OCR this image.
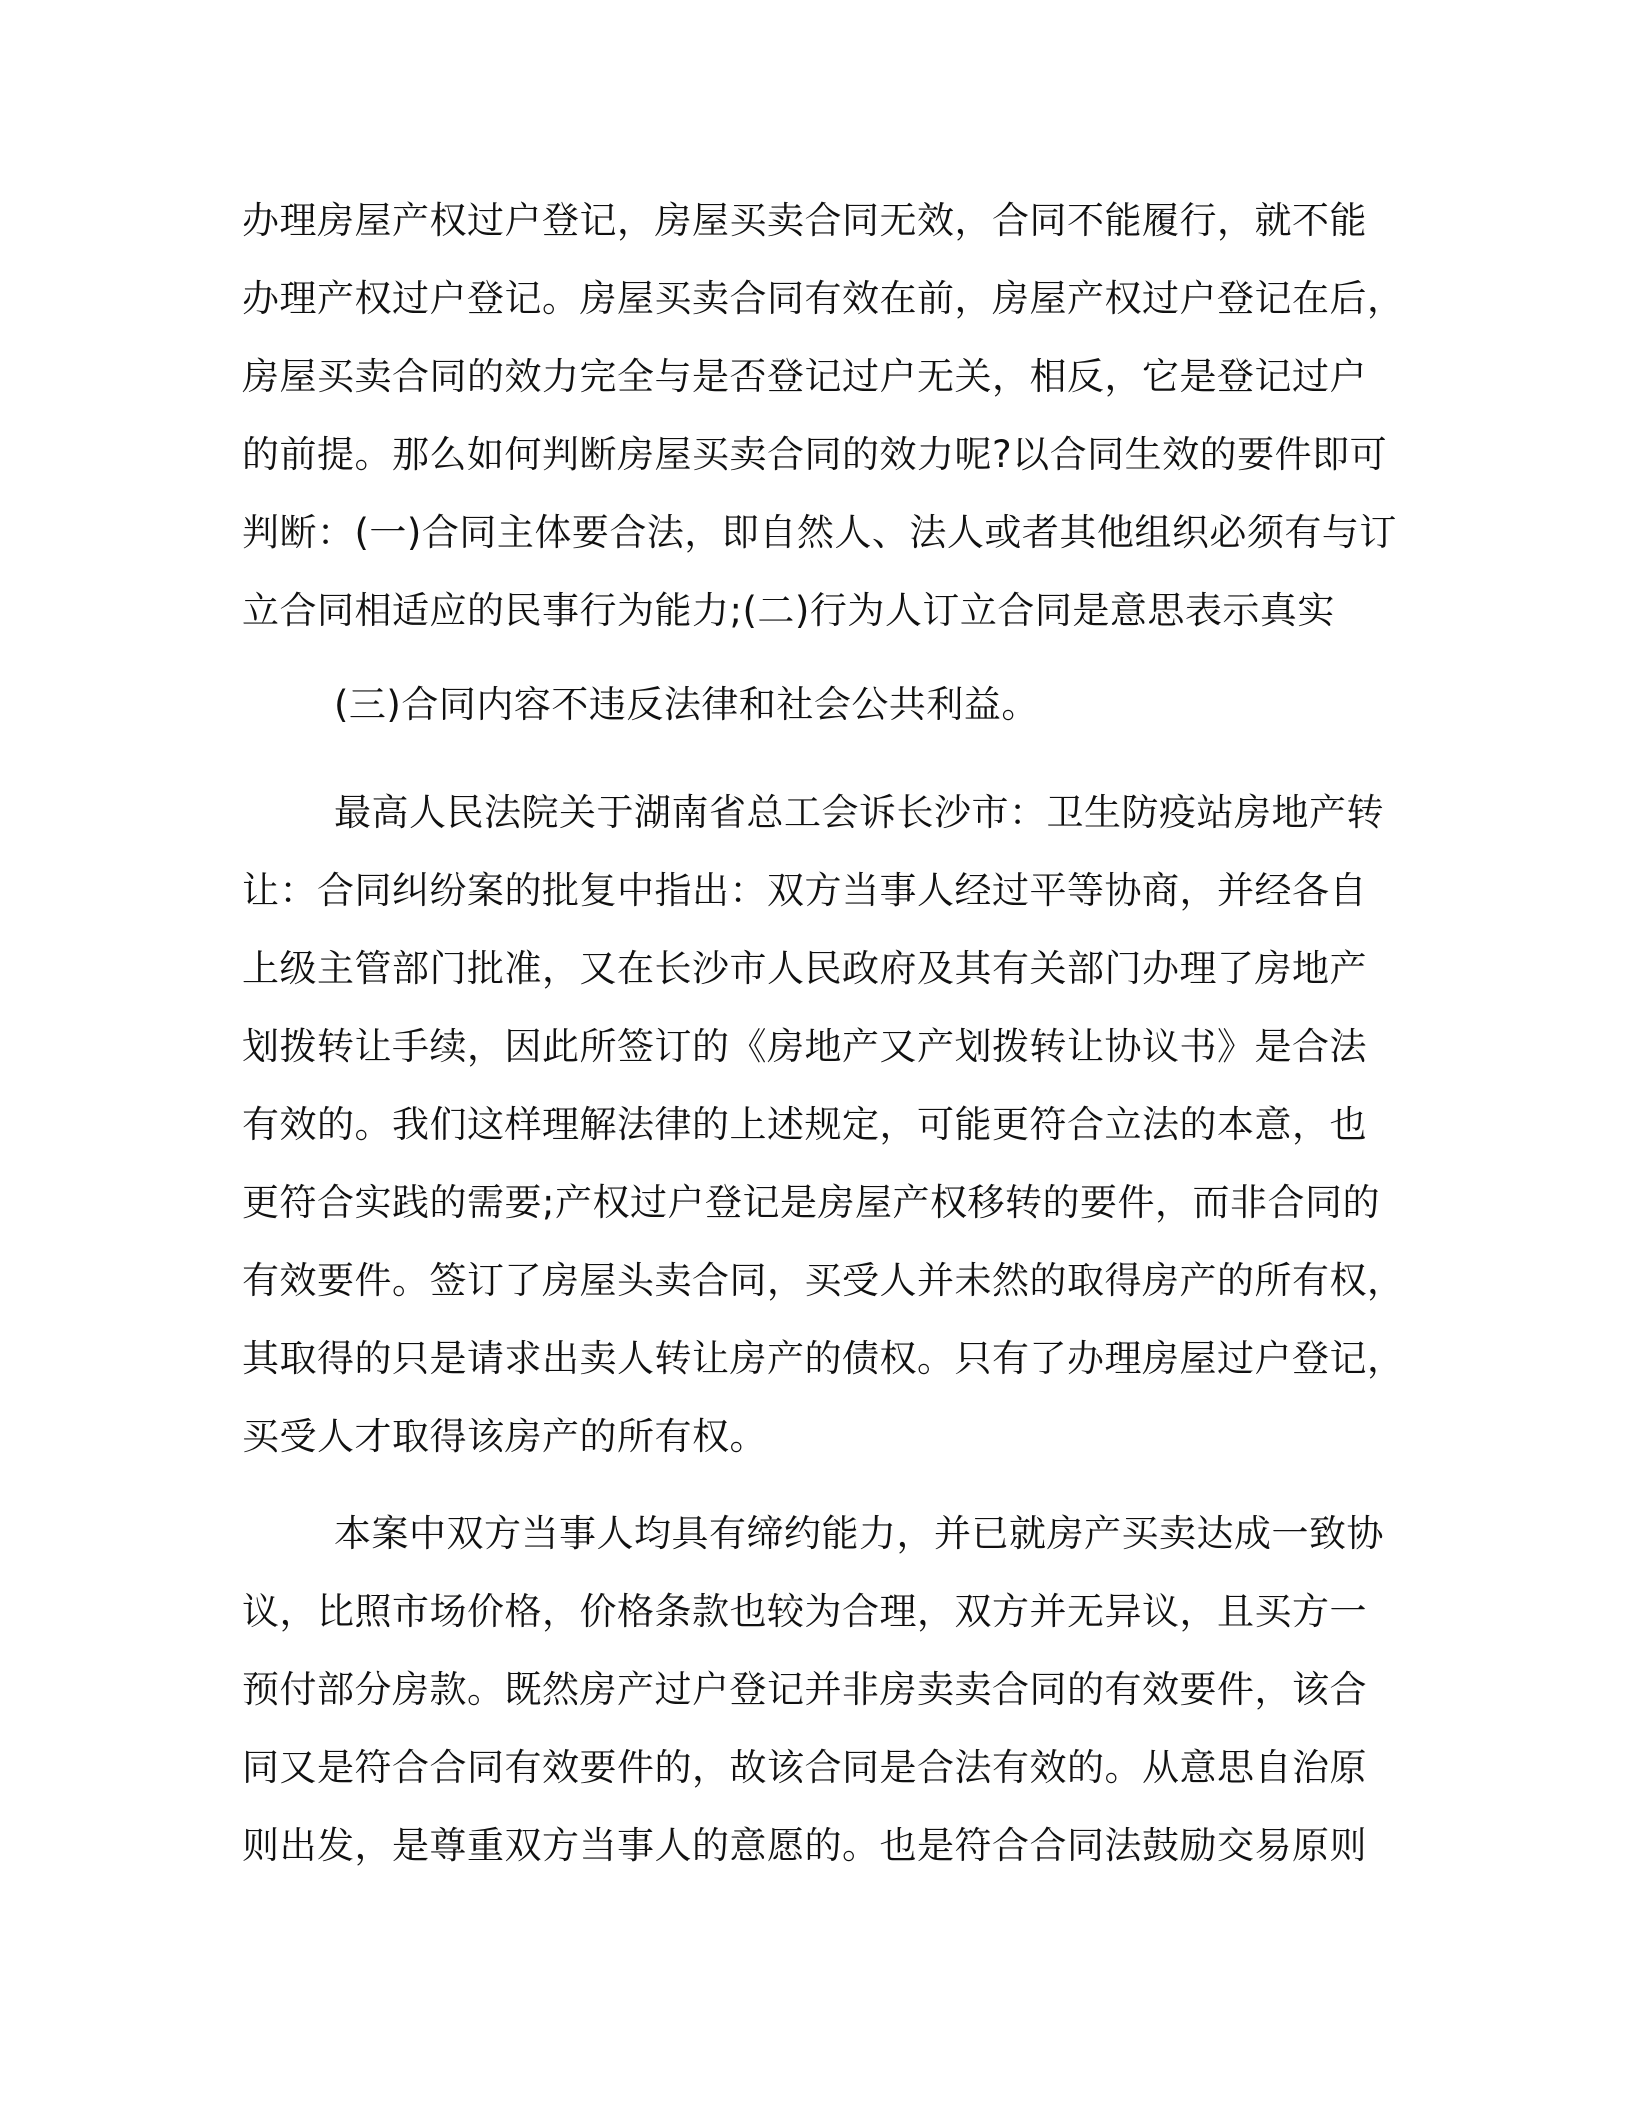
办理房屋产权过户登记，房屋买卖合同无效，合同不能履行，就不能
办理产权过户登记。房屋买卖合同有效在前，房屋产权过户登记在后，
房屋买卖合同的效力完全与是否登记过户无关，相反，它是登记过户
的前提。那么如何判断房屋买卖合同的效力呢?以合同生效的要件即可
判断：(一)合同主体要合法，即自然人、法人或者其他组织必须有与订
立合同相适应的民事行为能力;(二)行为人订立合同是意思表示真实
(三)合同内容不违反法律和社会公共利益。
最高人民法院关于湖南省总工会诉长沙市：卫生防疫站房地产转
让：合同纠纷案的批复中指出：双方当事人经过平等协商，并经各自
上级主管部门批准，又在长沙市人民政府及其有关部门办理了房地产
划拨转让手续，因此所签订的《房地产又产划拨转让协议书》是合法
有效的。我们这样理解法律的上述规定，可能更符合立法的本意，也
更符合实践的需要;产权过户登记是房屋产权移转的要件，而非合同的
有效要件。签订了房屋头卖合同，买受人并未然的取得房产的所有权，
其取得的只是请求出卖人转让房产的债权。只有了办理房屋过户登记，
买受人才取得该房产的所有权。
本案中双方当事人均具有缔约能力，并已就房产买卖达成一致协
议，比照市场价格，价格条款也较为合理，双方并无异议，且买方一
预付部分房款。既然房产过户登记并非房卖卖合同的有效要件，该合
同又是符合合同有效要件的，故该合同是合法有效的。从意思自治原
则出发，是尊重双方当事人的意愿的。也是符合合同法鼓励交易原则
